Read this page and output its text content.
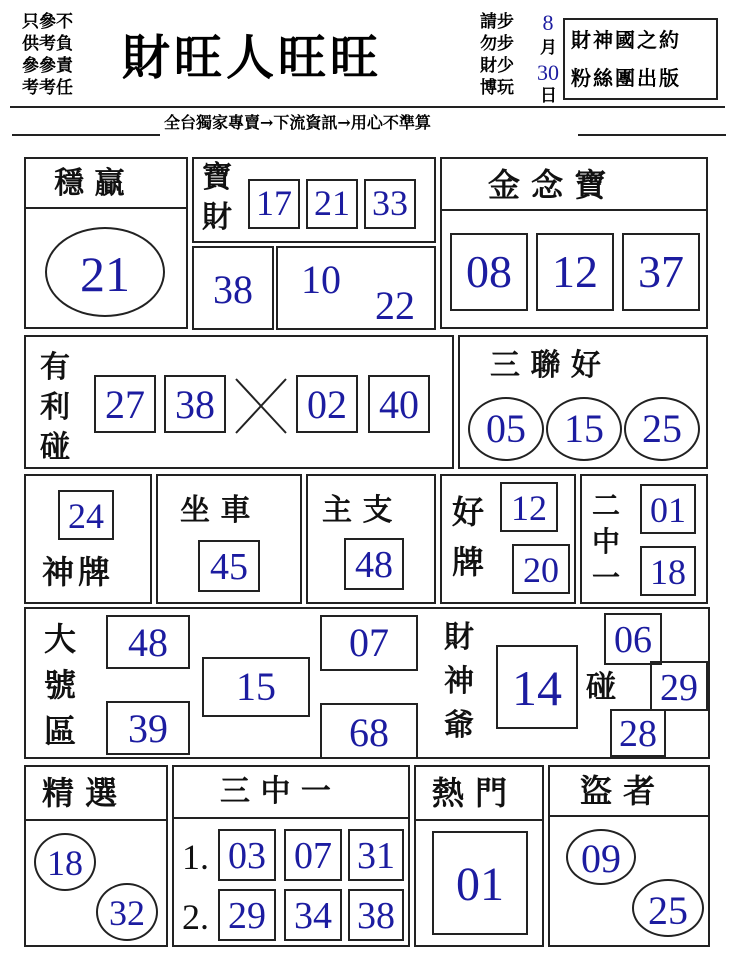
只參不
供考負
參參責
考考任
財旺人旺旺
請步
勿步
財少
博玩
8
月
30
日
財神國之約
粉絲團出版
全台獨家專賣→下流資訊→用心不準算
穩 贏
21
寶
財 17 21 33
38	10
22
金 念 寶
08 12 37
有
利
碰
27 38 02 40
三 聯 好
05 15 25
24
神牌
坐 車
45
主 支
48
好
牌
12
20
二
中
一
01
18
大
號
區
48
39
15
07
68
財
神
爺
14 碰
06
29
28
精 選
18
32
三 中 一
1. 03 07 31
2. 29 34 38
熱 門
01
盜 者
09
25
